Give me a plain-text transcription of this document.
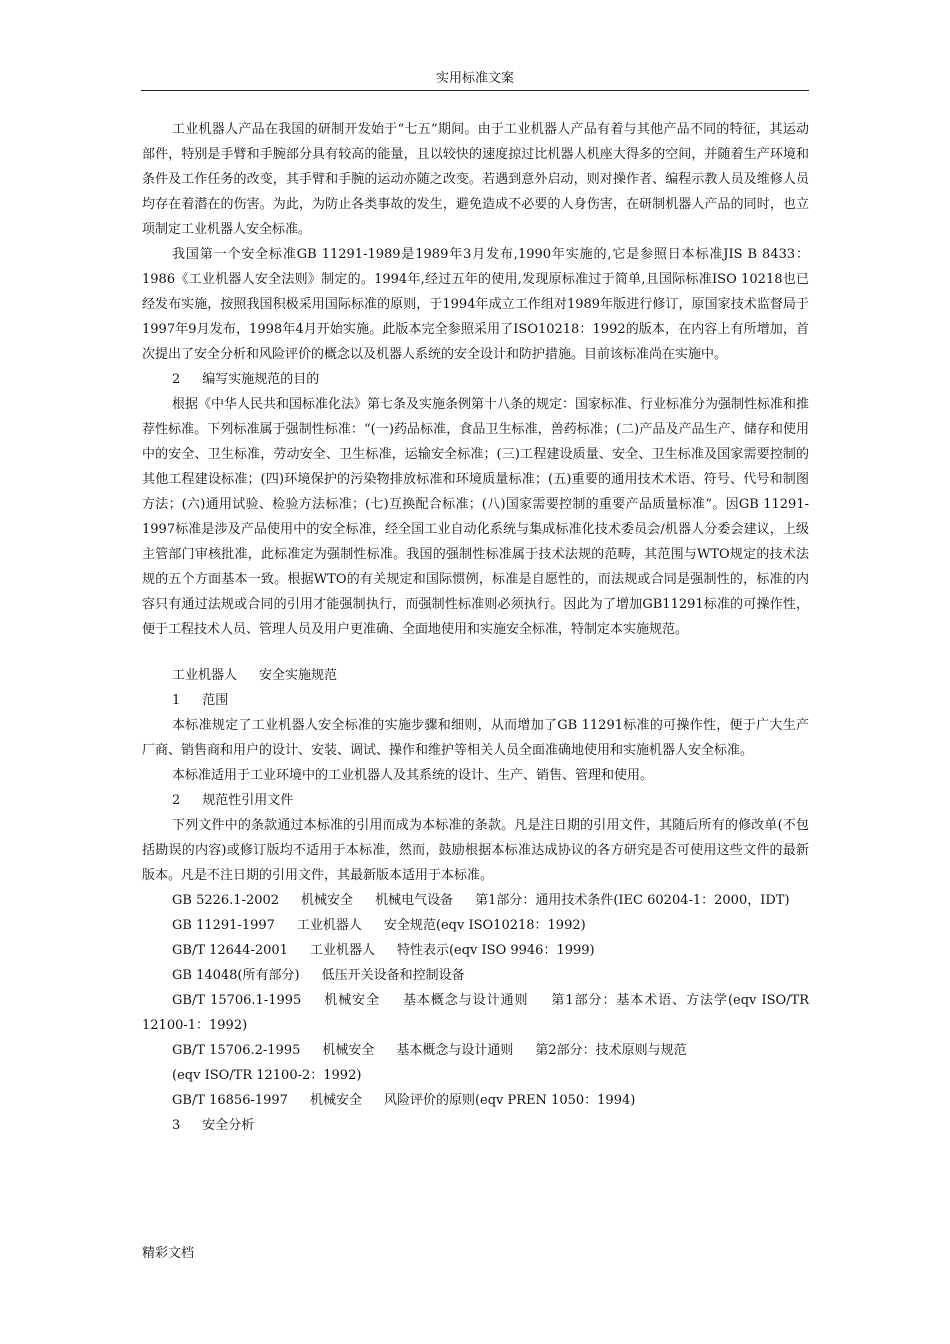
实用标准文案

工业机器人产品在我国的研制开发始于“七五”期间。由于工业机器人产品有着与其他产品不同的特征，其运动部件，特别是手臂和手腕部分具有较高的能量，且以较快的速度掠过比机器人机座大得多的空间，并随着生产环境和条件及工作任务的改变，其手臂和手腕的运动亦随之改变。若遇到意外启动，则对操作者、编程示教人员及维修人员均存在着潜在的伤害。为此，为防止各类事故的发生，避免造成不必要的人身伤害，在研制机器人产品的同时，也立项制定工业机器人安全标准。

我国第一个安全标准GB 11291-1989是1989年3月发布,1990年实施的,它是参照日本标准JIS B 8433：1986《工业机器人安全法则》制定的。1994年,经过五年的使用,发现原标准过于简单,且国际标准ISO 10218也已经发布实施，按照我国积极采用国际标准的原则，于1994年成立工作组对1989年版进行修订，原国家技术监督局于1997年9月发布，1998年4月开始实施。此版本完全参照采用了ISO10218：1992的版本，在内容上有所增加，首次提出了安全分析和风险评价的概念以及机器人系统的安全设计和防护措施。目前该标准尚在实施中。

2 编写实施规范的目的

根据《中华人民共和国标准化法》第七条及实施条例第十八条的规定：国家标准、行业标准分为强制性标准和推荐性标准。下列标准属于强制性标准：“(一)药品标准，食品卫生标准，兽药标准；(二)产品及产品生产、储存和使用中的安全、卫生标准，劳动安全、卫生标准，运输安全标准；(三)工程建设质量、安全、卫生标准及国家需要控制的其他工程建设标准；(四)环境保护的污染物排放标准和环境质量标准；(五)重要的通用技术术语、符号、代号和制图方法；(六)通用试验、检验方法标准；(七)互换配合标准；(八)国家需要控制的重要产品质量标准”。因GB 11291-1997标准是涉及产品使用中的安全标准，经全国工业自动化系统与集成标准化技术委员会/机器人分委会建议，上级主管部门审核批准，此标准定为强制性标准。我国的强制性标准属于技术法规的范畴，其范围与WTO规定的技术法规的五个方面基本一致。根据WTO的有关规定和国际惯例，标准是自愿性的，而法规或合同是强制性的，标准的内容只有通过法规或合同的引用才能强制执行，而强制性标准则必须执行。因此为了增加GB11291标准的可操作性，便于工程技术人员、管理人员及用户更准确、全面地使用和实施安全标准，特制定本实施规范。

工业机器人 安全实施规范

1 范围

本标准规定了工业机器人安全标准的实施步骤和细则，从而增加了GB 11291标准的可操作性，便于广大生产厂商、销售商和用户的设计、安装、调试、操作和维护等相关人员全面准确地使用和实施机器人安全标准。

本标准适用于工业环境中的工业机器人及其系统的设计、生产、销售、管理和使用。

2 规范性引用文件

下列文件中的条款通过本标准的引用而成为本标准的条款。凡是注日期的引用文件，其随后所有的修改单(不包括勘误的内容)或修订版均不适用于本标准，然而，鼓励根据本标准达成协议的各方研究是否可使用这些文件的最新版本。凡是不注日期的引用文件，其最新版本适用于本标准。

GB 5226.1-2002 机械安全 机械电气设备 第1部分：通用技术条件(IEC 60204-1：2000，IDT)

GB 11291-1997 工业机器人 安全规范(eqv ISO10218：1992)

GB/T 12644-2001 工业机器人 特性表示(eqv ISO 9946：1999)

GB 14048(所有部分) 低压开关设备和控制设备

GB/T 15706.1-1995 机械安全 基本概念与设计通则 第1部分：基本术语、方法学(eqv ISO/TR 12100-1：1992)

GB/T 15706.2-1995 机械安全 基本概念与设计通则 第2部分：技术原则与规范

(eqv ISO/TR 12100-2：1992)

GB/T 16856-1997 机械安全 风险评价的原则(eqv PREN 1050：1994)

3 安全分析

精彩文档
